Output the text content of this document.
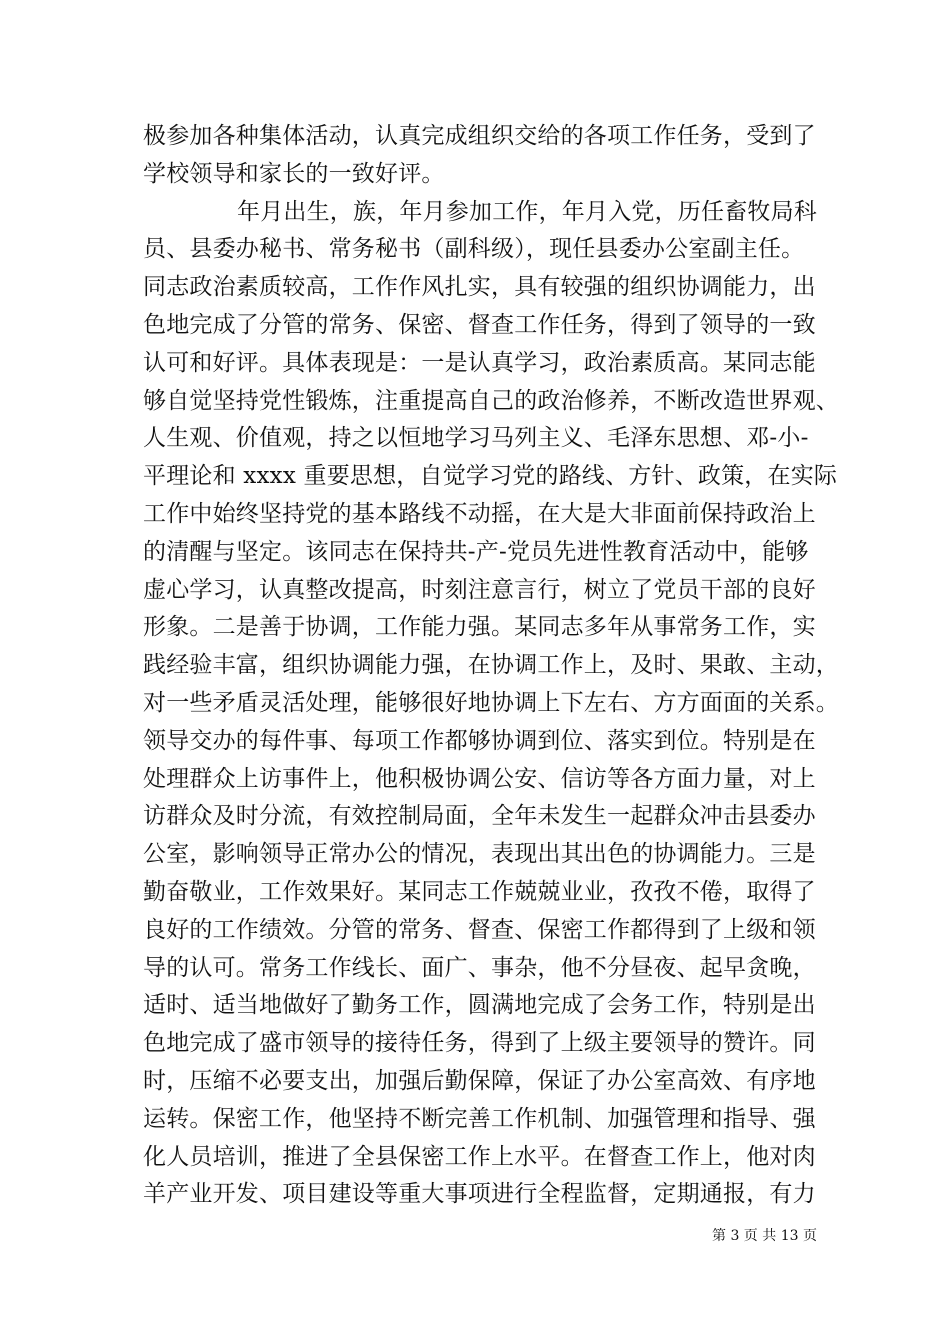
极参加各种集体活动，认真完成组织交给的各项工作任务，受到了
学校领导和家长的一致好评。
年月出生，族，年月参加工作，年月入党，历任畜牧局科
员、县委办秘书、常务秘书（副科级），现任县委办公室副主任。
同志政治素质较高，工作作风扎实，具有较强的组织协调能力，出
色地完成了分管的常务、保密、督查工作任务，得到了领导的一致
认可和好评。具体表现是：一是认真学习，政治素质高。某同志能
够自觉坚持党性锻炼，注重提高自己的政治修养，不断改造世界观、
人生观、价值观，持之以恒地学习马列主义、毛泽东思想、邓-小-
平理论和 xxxx 重要思想，自觉学习党的路线、方针、政策，在实际
工作中始终坚持党的基本路线不动摇，在大是大非面前保持政治上
的清醒与坚定。该同志在保持共-产-党员先进性教育活动中，能够
虚心学习，认真整改提高，时刻注意言行，树立了党员干部的良好
形象。二是善于协调，工作能力强。某同志多年从事常务工作，实
践经验丰富，组织协调能力强，在协调工作上，及时、果敢、主动，
对一些矛盾灵活处理，能够很好地协调上下左右、方方面面的关系。
领导交办的每件事、每项工作都够协调到位、落实到位。特别是在
处理群众上访事件上，他积极协调公安、信访等各方面力量，对上
访群众及时分流，有效控制局面，全年未发生一起群众冲击县委办
公室，影响领导正常办公的情况，表现出其出色的协调能力。三是
勤奋敬业，工作效果好。某同志工作兢兢业业，孜孜不倦，取得了
良好的工作绩效。分管的常务、督查、保密工作都得到了上级和领
导的认可。常务工作线长、面广、事杂，他不分昼夜、起早贪晚，
适时、适当地做好了勤务工作，圆满地完成了会务工作，特别是出
色地完成了盛市领导的接待任务，得到了上级主要领导的赞许。同
时，压缩不必要支出，加强后勤保障，保证了办公室高效、有序地
运转。保密工作，他坚持不断完善工作机制、加强管理和指导、强
化人员培训，推进了全县保密工作上水平。在督查工作上，他对肉
羊产业开发、项目建设等重大事项进行全程监督，定期通报，有力
第 3 页 共 13 页
